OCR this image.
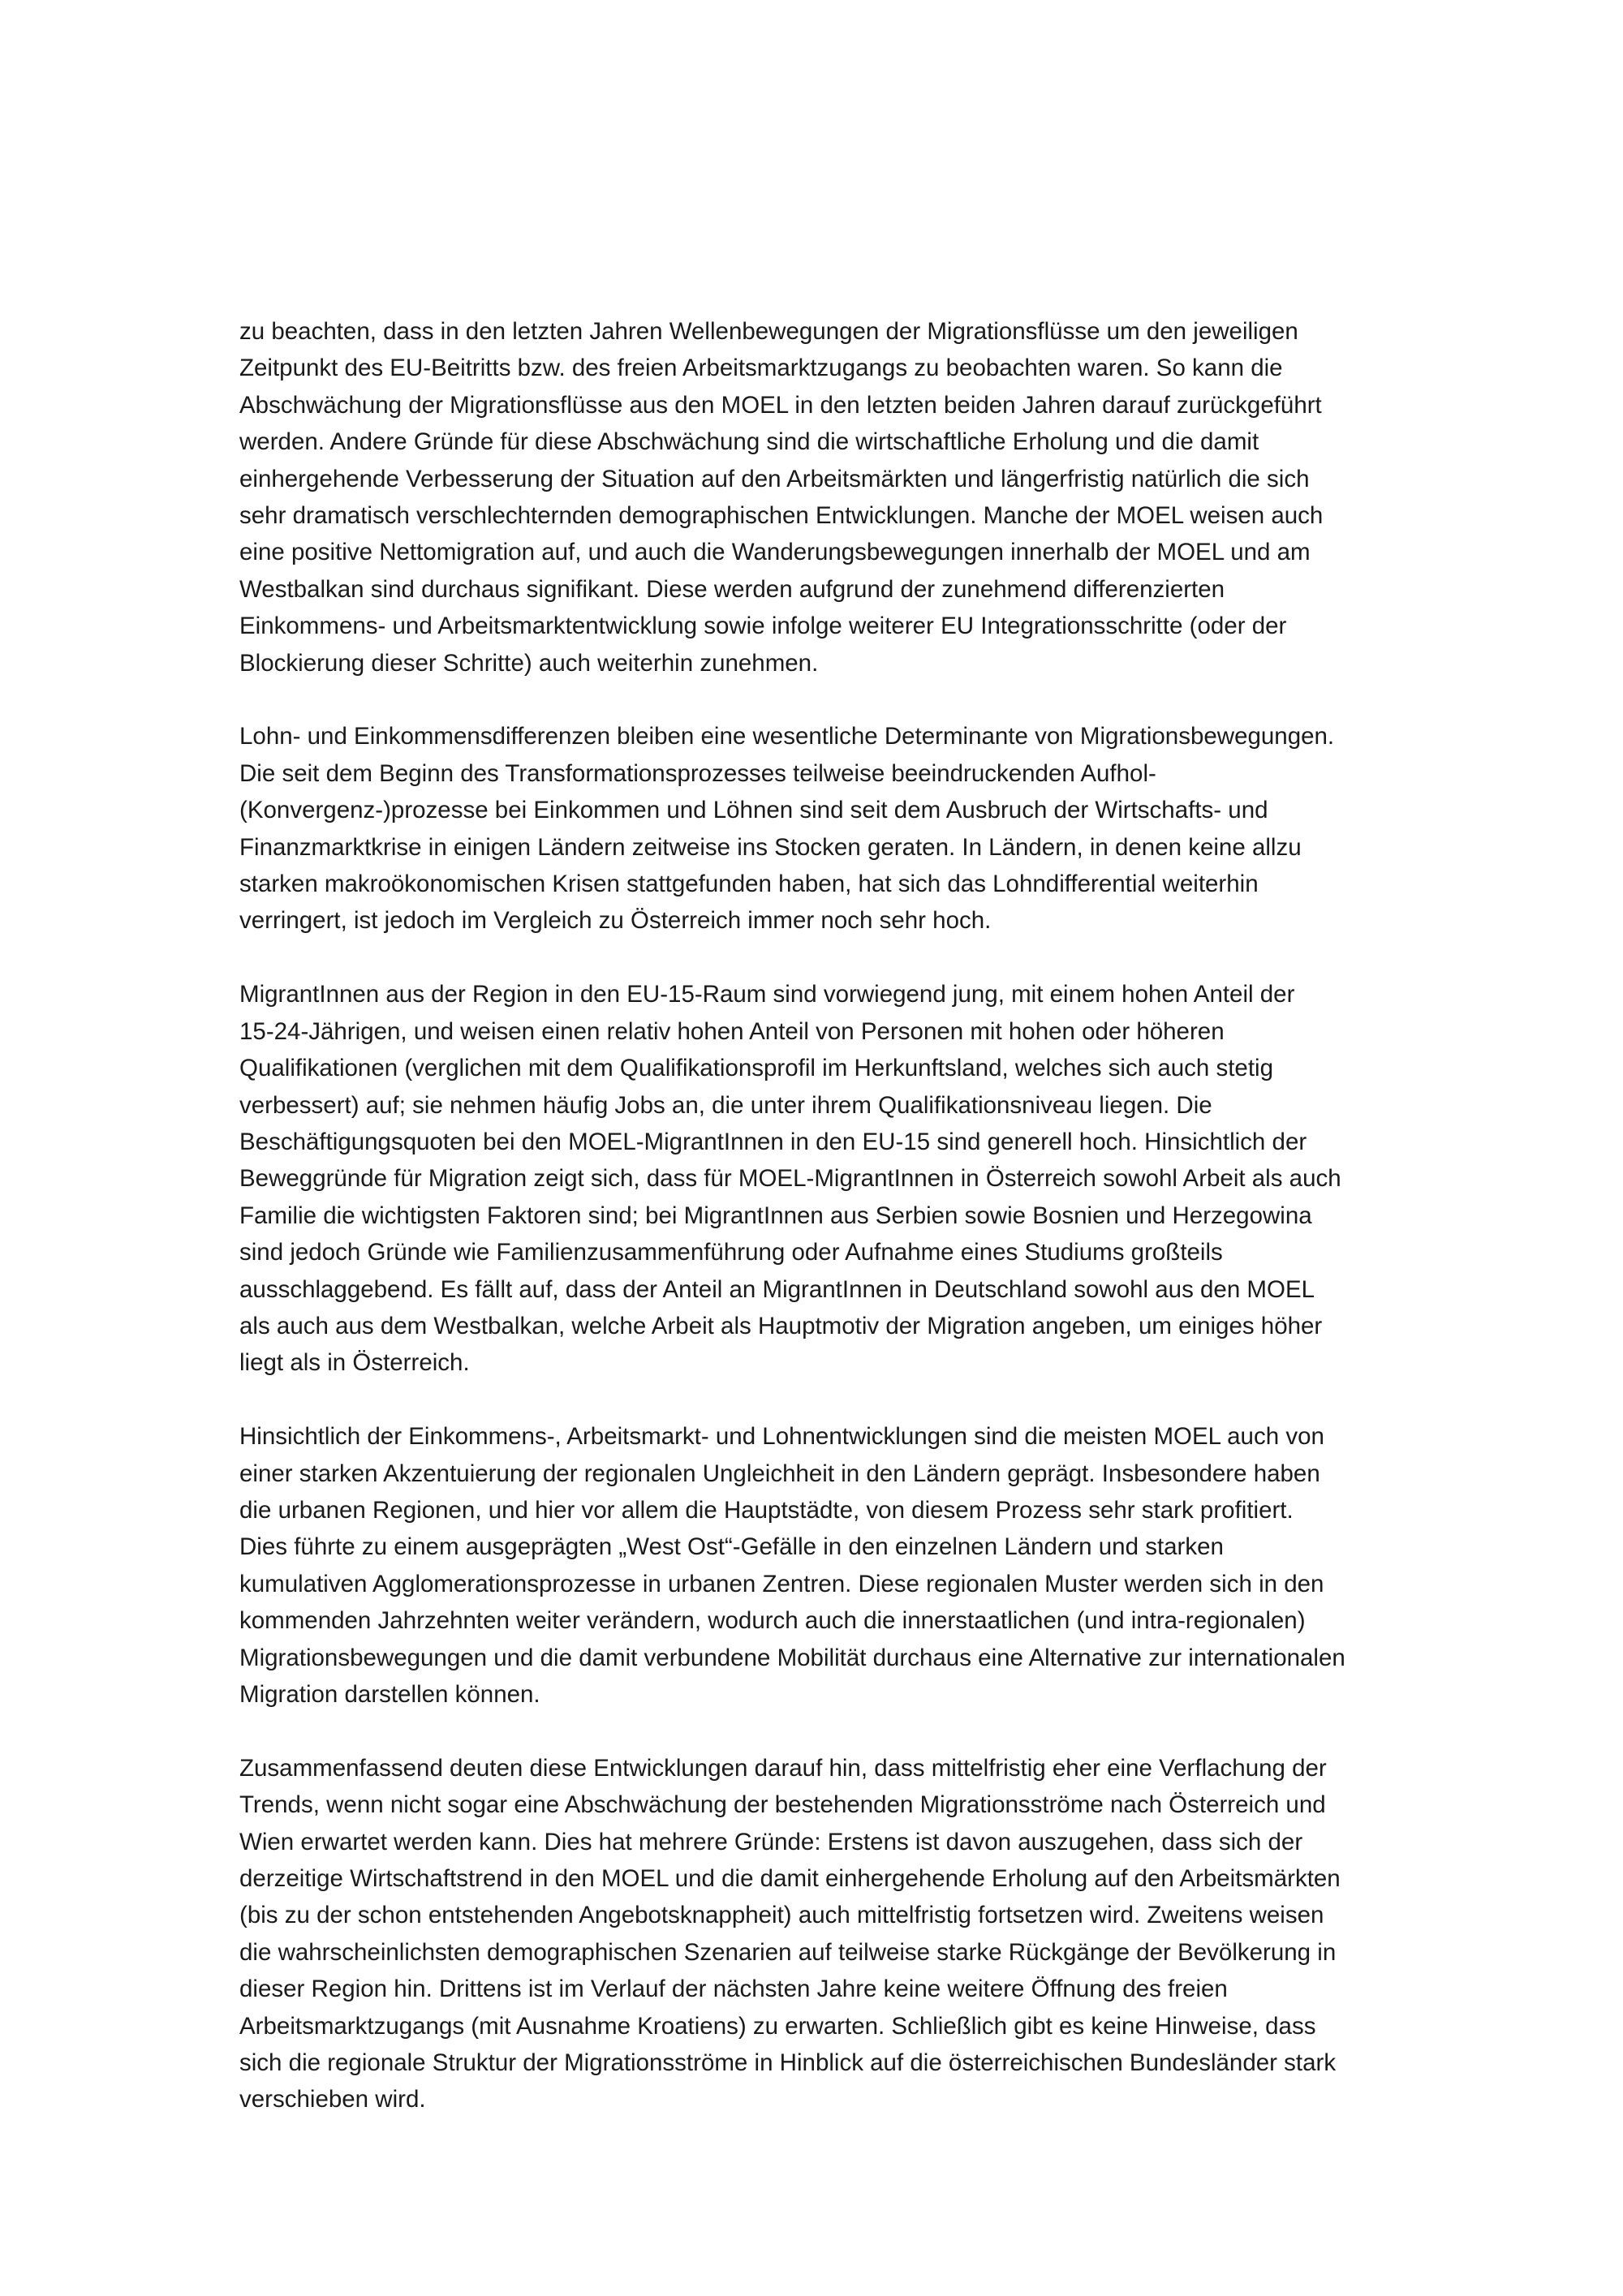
zu beachten, dass in den letzten Jahren Wellenbewegungen der Migrationsflüsse um den jeweiligen
Zeitpunkt des EU-Beitritts bzw. des freien Arbeitsmarktzugangs zu beobachten waren. So kann die
Abschwächung der Migrationsflüsse aus den MOEL in den letzten beiden Jahren darauf zurückgeführt
werden. Andere Gründe für diese Abschwächung sind die wirtschaftliche Erholung und die damit
einhergehende Verbesserung der Situation auf den Arbeitsmärkten und längerfristig natürlich die sich
sehr dramatisch verschlechternden demographischen Entwicklungen. Manche der MOEL weisen auch
eine positive Nettomigration auf, und auch die Wanderungsbewegungen innerhalb der MOEL und am
Westbalkan sind durchaus signifikant. Diese werden aufgrund der zunehmend differenzierten
Einkommens- und Arbeitsmarktentwicklung sowie infolge weiterer EU Integrationsschritte (oder der
Blockierung dieser Schritte) auch weiterhin zunehmen.

Lohn- und Einkommensdifferenzen bleiben eine wesentliche Determinante von Migrationsbewegungen.
Die seit dem Beginn des Transformationsprozesses teilweise beeindruckenden Aufhol-
(Konvergenz-)prozesse bei Einkommen und Löhnen sind seit dem Ausbruch der Wirtschafts- und
Finanzmarktkrise in einigen Ländern zeitweise ins Stocken geraten. In Ländern, in denen keine allzu
starken makroökonomischen Krisen stattgefunden haben, hat sich das Lohndifferential weiterhin
verringert, ist jedoch im Vergleich zu Österreich immer noch sehr hoch.

MigrantInnen aus der Region in den EU-15-Raum sind vorwiegend jung, mit einem hohen Anteil der
15-24-Jährigen, und weisen einen relativ hohen Anteil von Personen mit hohen oder höheren
Qualifikationen (verglichen mit dem Qualifikationsprofil im Herkunftsland, welches sich auch stetig
verbessert) auf; sie nehmen häufig Jobs an, die unter ihrem Qualifikationsniveau liegen. Die
Beschäftigungsquoten bei den MOEL-MigrantInnen in den EU-15 sind generell hoch. Hinsichtlich der
Beweggründe für Migration zeigt sich, dass für MOEL-MigrantInnen in Österreich sowohl Arbeit als auch
Familie die wichtigsten Faktoren sind; bei MigrantInnen aus Serbien sowie Bosnien und Herzegowina
sind jedoch Gründe wie Familienzusammenführung oder Aufnahme eines Studiums großteils
ausschlaggebend. Es fällt auf, dass der Anteil an MigrantInnen in Deutschland sowohl aus den MOEL
als auch aus dem Westbalkan, welche Arbeit als Hauptmotiv der Migration angeben, um einiges höher
liegt als in Österreich.

Hinsichtlich der Einkommens-, Arbeitsmarkt- und Lohnentwicklungen sind die meisten MOEL auch von
einer starken Akzentuierung der regionalen Ungleichheit in den Ländern geprägt. Insbesondere haben
die urbanen Regionen, und hier vor allem die Hauptstädte, von diesem Prozess sehr stark profitiert.
Dies führte zu einem ausgeprägten „West Ost“-Gefälle in den einzelnen Ländern und starken
kumulativen Agglomerationsprozesse in urbanen Zentren. Diese regionalen Muster werden sich in den
kommenden Jahrzehnten weiter verändern, wodurch auch die innerstaatlichen (und intra-regionalen)
Migrationsbewegungen und die damit verbundene Mobilität durchaus eine Alternative zur internationalen
Migration darstellen können.

Zusammenfassend deuten diese Entwicklungen darauf hin, dass mittelfristig eher eine Verflachung der
Trends, wenn nicht sogar eine Abschwächung der bestehenden Migrationsströme nach Österreich und
Wien erwartet werden kann. Dies hat mehrere Gründe: Erstens ist davon auszugehen, dass sich der
derzeitige Wirtschaftstrend in den MOEL und die damit einhergehende Erholung auf den Arbeitsmärkten
(bis zu der schon entstehenden Angebotsknappheit) auch mittelfristig fortsetzen wird. Zweitens weisen
die wahrscheinlichsten demographischen Szenarien auf teilweise starke Rückgänge der Bevölkerung in
dieser Region hin. Drittens ist im Verlauf der nächsten Jahre keine weitere Öffnung des freien
Arbeitsmarktzugangs (mit Ausnahme Kroatiens) zu erwarten. Schließlich gibt es keine Hinweise, dass
sich die regionale Struktur der Migrationsströme in Hinblick auf die österreichischen Bundesländer stark
verschieben wird.
